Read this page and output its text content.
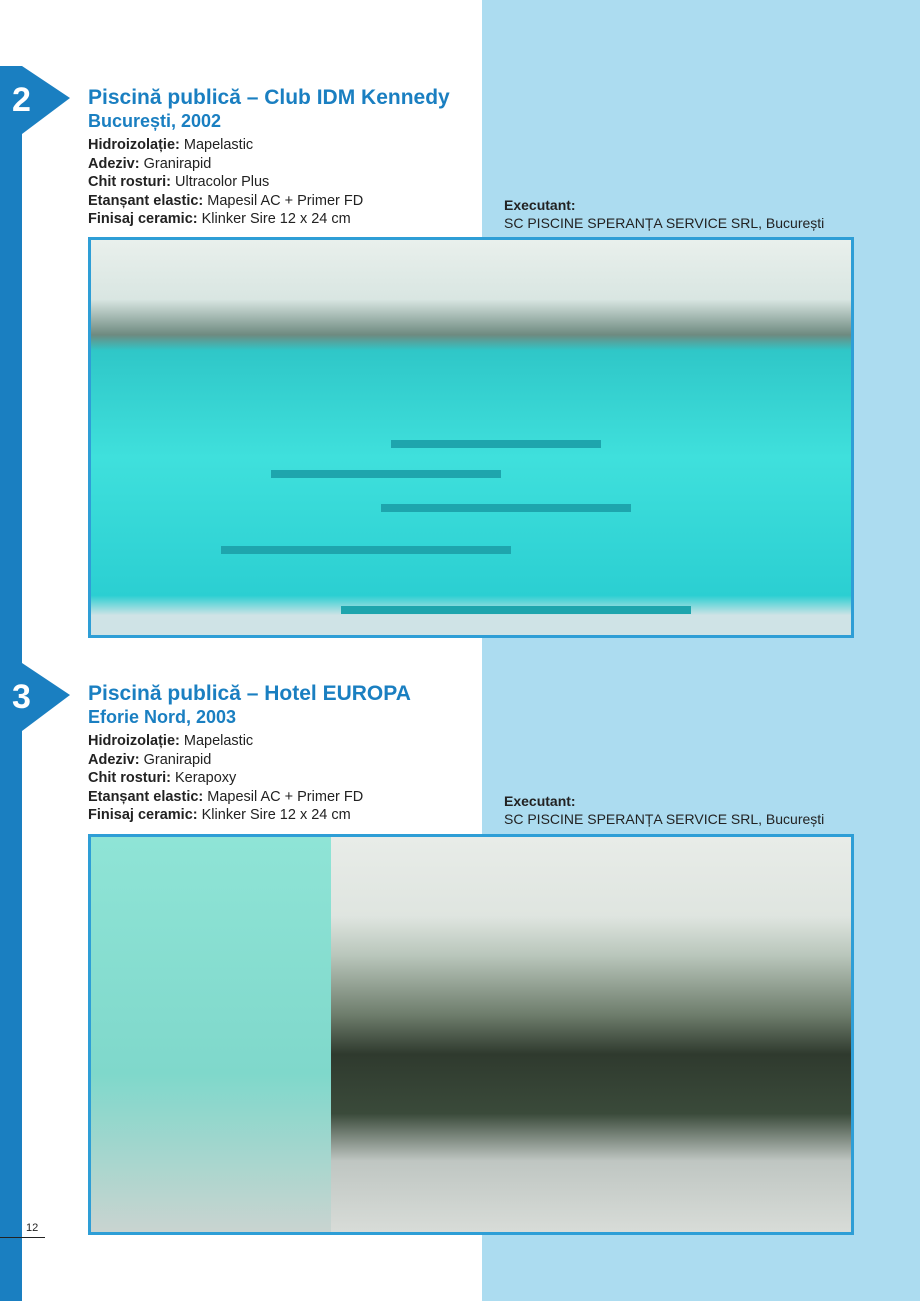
2	Piscină publică – Club IDM Kennedy
București, 2002
Hidroizolație: Mapelastic
Adeziv: Granirapid
Chit rosturi: Ultracolor Plus
Etanșant elastic: Mapesil AC + Primer FD
Finisaj ceramic: Klinker Sire 12 x 24 cm
Executant:
SC PISCINE SPERANȚA SERVICE SRL, București
3	Piscină publică – Hotel EUROPA
Eforie Nord, 2003
Hidroizolație: Mapelastic
Adeziv: Granirapid
Chit rosturi: Kerapoxy
Etanșant elastic: Mapesil AC + Primer FD
Finisaj ceramic: Klinker Sire 12 x 24 cm
Executant:
SC PISCINE SPERANȚA SERVICE SRL, București
12
